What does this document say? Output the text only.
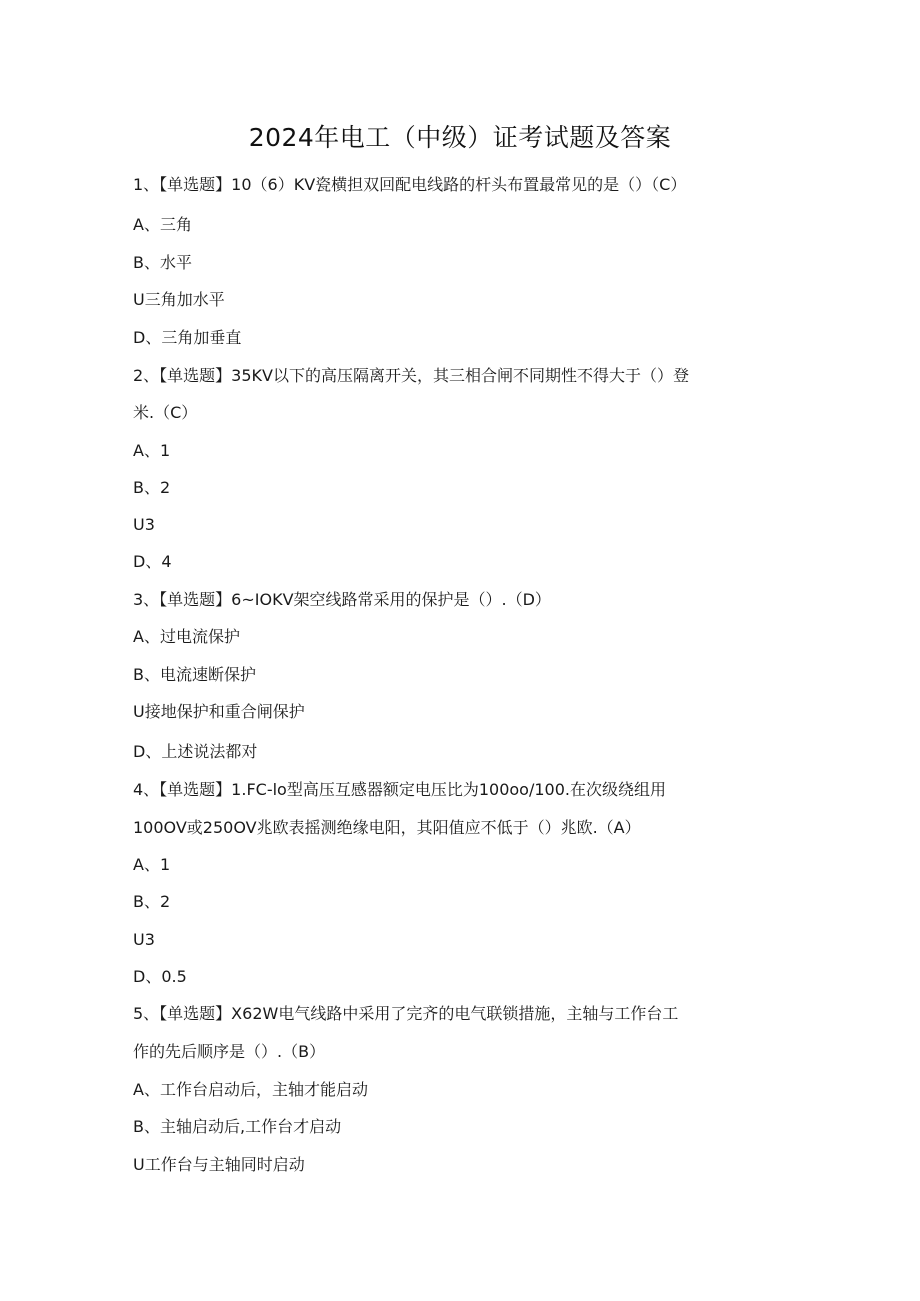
2024年电工（中级）证考试题及答案
1、【单选题】10（6）KV瓷横担双回配电线路的杆头布置最常见的是（）（C）
A、三角
B、水平
U三角加水平
D、三角加垂直
2、【单选题】35KV以下的高压隔离开关，其三相合闸不同期性不得大于（）登
米.（C）
A、1
B、2
U3
D、4
3、【单选题】6~IOKV架空线路常采用的保护是（）.（D）
A、过电流保护
B、电流速断保护
U接地保护和重合闸保护
D、上述说法都对
4、【单选题】1.FC-lo型高压互感器额定电压比为100oo/100.在次级绕组用
100OV或250OV兆欧表摇测绝缘电阳，其阳值应不低于（）兆欧.（A）
A、1
B、2
U3
D、0.5
5、【单选题】X62W电气线路中采用了完齐的电气联锁措施，主轴与工作台工
作的先后顺序是（）.（B）
A、工作台启动后，主轴才能启动
B、主轴启动后,工作台才启动
U工作台与主轴同时启动
